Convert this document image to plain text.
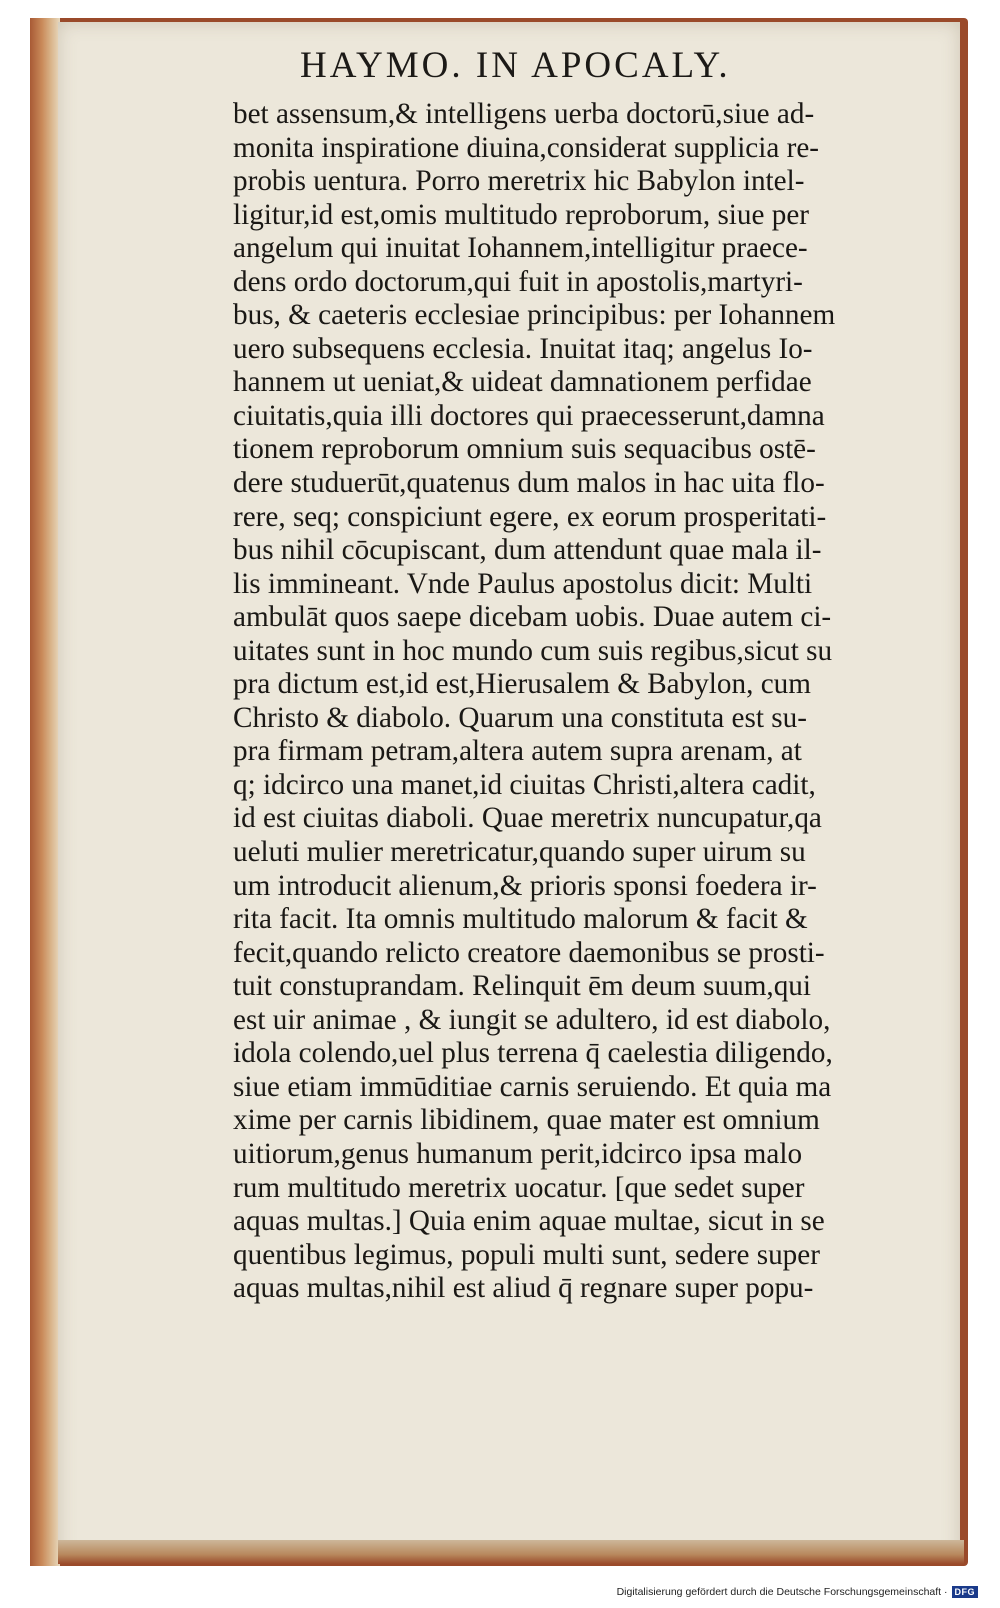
HAYMO. IN APOCALY.
bet assensum,& intelligens uerba doctorū,siue ad-
monita inspiratione diuina,considerat supplicia re-
probis uentura. Porro meretrix hic Babylon intel-
ligitur,id est,omis multitudo reproborum, siue per
angelum qui inuitat Iohannem,intelligitur praece-
dens ordo doctorum,qui fuit in apostolis,martyri-
bus, & caeteris ecclesiae principibus: per Iohannem
uero subsequens ecclesia. Inuitat itaq; angelus Io-
hannem ut ueniat,& uideat damnationem perfidae
ciuitatis,quia illi doctores qui praecesserunt,damna
tionem reproborum omnium suis sequacibus ostē-
dere studuerūt,quatenus dum malos in hac uita flo-
rere, seq; conspiciunt egere, ex eorum prosperitati-
bus nihil cōcupiscant, dum attendunt quae mala il-
lis immineant. Vnde Paulus apostolus dicit: Multi
ambulāt quos saepe dicebam uobis. Duae autem ci-
uitates sunt in hoc mundo cum suis regibus,sicut su
pra dictum est,id est,Hierusalem & Babylon, cum
Christo & diabolo. Quarum una constituta est su-
pra firmam petram,altera autem supra arenam, at
q; idcirco una manet,id ciuitas Christi,altera cadit,
id est ciuitas diaboli. Quae meretrix nuncupatur,qa
ueluti mulier meretricatur,quando super uirum su
um introducit alienum,& prioris sponsi foedera ir-
rita facit. Ita omnis multitudo malorum & facit &
fecit,quando relicto creatore daemonibus se prosti-
tuit constuprandam. Relinquit ēm deum suum,qui
est uir animae , & iungit se adultero, id est diabolo,
idola colendo,uel plus terrena q̄ caelestia diligendo,
siue etiam immūditiae carnis seruiendo. Et quia ma
xime per carnis libidinem, quae mater est omnium
uitiorum,genus humanum perit,idcirco ipsa malo
rum multitudo meretrix uocatur. [que sedet super
aquas multas.] Quia enim aquae multae, sicut in se
quentibus legimus, populi multi sunt, sedere super
aquas multas,nihil est aliud q̄ regnare super popu-
Digitalisierung gefördert durch die Deutsche Forschungsgemeinschaft · DFG
